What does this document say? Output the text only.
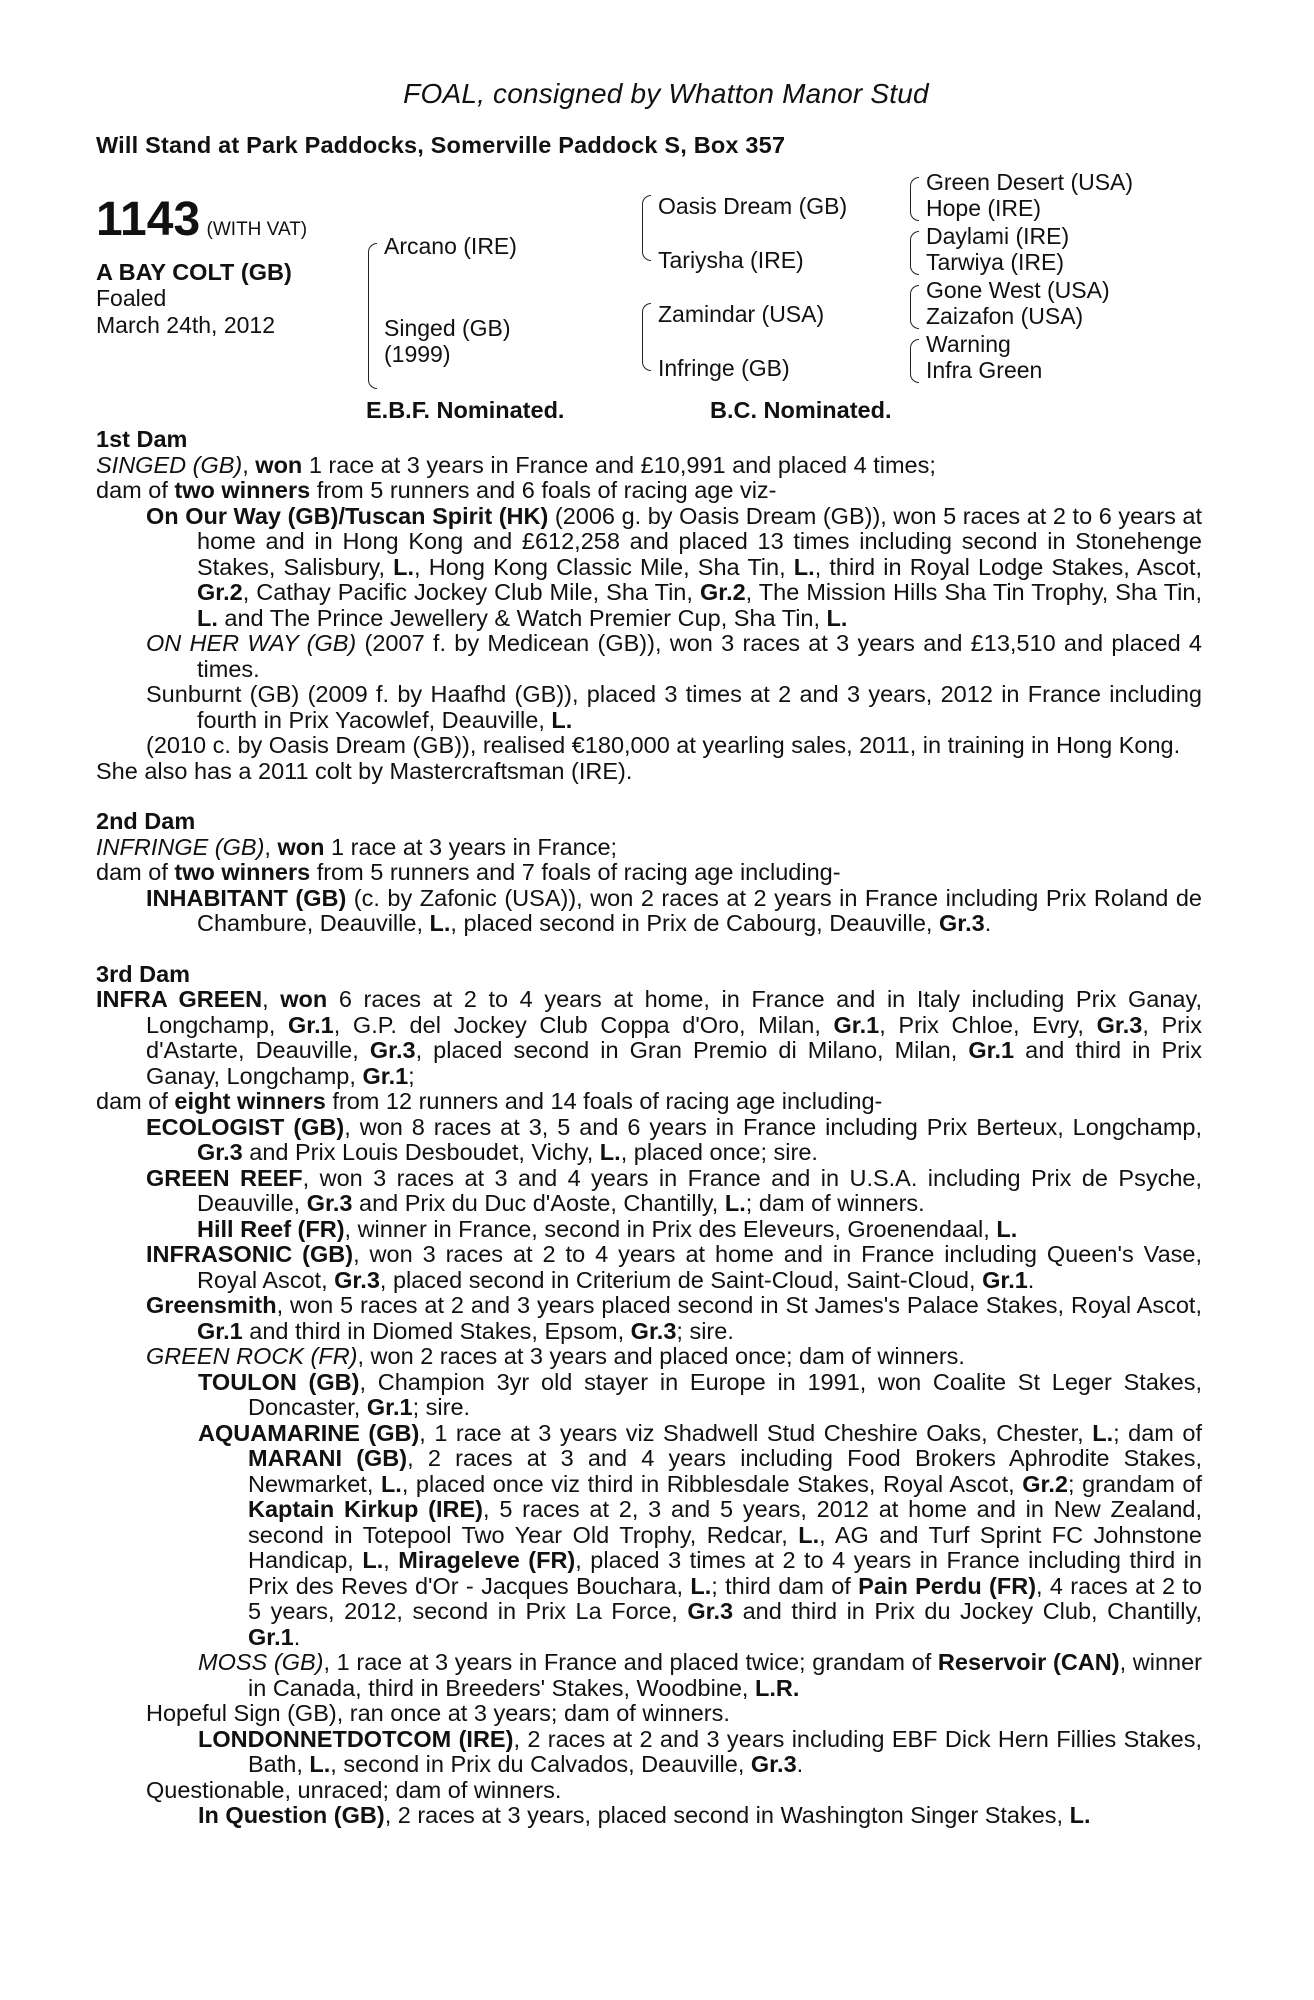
FOAL, consigned by Whatton Manor Stud
Will Stand at Park Paddocks, Somerville Paddock S, Box 357
1143 (WITH VAT)
A BAY COLT (GB)
Foaled
March 24th, 2012
Arcano (IRE)
Singed (GB)
(1999)
Oasis Dream (GB)
Tariysha (IRE)
Zamindar (USA)
Infringe (GB)
Green Desert (USA)
Hope (IRE)
Daylami (IRE)
Tarwiya (IRE)
Gone West (USA)
Zaizafon (USA)
Warning
Infra Green
E.B.F. Nominated.	B.C. Nominated.

1st Dam

SINGED (GB), won 1 race at 3 years in France and £10,991 and placed 4 times;

dam of two winners from 5 runners and 6 foals of racing age viz-

On Our Way (GB)/Tuscan Spirit (HK) (2006 g. by Oasis Dream (GB)), won 5 races at 2 to 6 years at home and in Hong Kong and £612,258 and placed 13 times including second in Stonehenge Stakes, Salisbury, L., Hong Kong Classic Mile, Sha Tin, L., third in Royal Lodge Stakes, Ascot, Gr.2, Cathay Pacific Jockey Club Mile, Sha Tin, Gr.2, The Mission Hills Sha Tin Trophy, Sha Tin, L. and The Prince Jewellery & Watch Premier Cup, Sha Tin, L.

ON HER WAY (GB) (2007 f. by Medicean (GB)), won 3 races at 3 years and £13,510 and placed 4 times.

Sunburnt (GB) (2009 f. by Haafhd (GB)), placed 3 times at 2 and 3 years, 2012 in France including fourth in Prix Yacowlef, Deauville, L.

(2010 c. by Oasis Dream (GB)), realised €180,000 at yearling sales, 2011, in training in Hong Kong.

She also has a 2011 colt by Mastercraftsman (IRE).

2nd Dam

INFRINGE (GB), won 1 race at 3 years in France;

dam of two winners from 5 runners and 7 foals of racing age including-

INHABITANT (GB) (c. by Zafonic (USA)), won 2 races at 2 years in France including Prix Roland de Chambure, Deauville, L., placed second in Prix de Cabourg, Deauville, Gr.3.

3rd Dam

INFRA GREEN, won 6 races at 2 to 4 years at home, in France and in Italy including Prix Ganay, Longchamp, Gr.1, G.P. del Jockey Club Coppa d'Oro, Milan, Gr.1, Prix Chloe, Evry, Gr.3, Prix d'Astarte, Deauville, Gr.3, placed second in Gran Premio di Milano, Milan, Gr.1 and third in Prix Ganay, Longchamp, Gr.1;

dam of eight winners from 12 runners and 14 foals of racing age including-

ECOLOGIST (GB), won 8 races at 3, 5 and 6 years in France including Prix Berteux, Longchamp, Gr.3 and Prix Louis Desboudet, Vichy, L., placed once; sire.

GREEN REEF, won 3 races at 3 and 4 years in France and in U.S.A. including Prix de Psyche, Deauville, Gr.3 and Prix du Duc d'Aoste, Chantilly, L.; dam of winners.

Hill Reef (FR), winner in France, second in Prix des Eleveurs, Groenendaal, L.

INFRASONIC (GB), won 3 races at 2 to 4 years at home and in France including Queen's Vase, Royal Ascot, Gr.3, placed second in Criterium de Saint-Cloud, Saint-Cloud, Gr.1.

Greensmith, won 5 races at 2 and 3 years placed second in St James's Palace Stakes, Royal Ascot, Gr.1 and third in Diomed Stakes, Epsom, Gr.3; sire.

GREEN ROCK (FR), won 2 races at 3 years and placed once; dam of winners.

TOULON (GB), Champion 3yr old stayer in Europe in 1991, won Coalite St Leger Stakes, Doncaster, Gr.1; sire.

AQUAMARINE (GB), 1 race at 3 years viz Shadwell Stud Cheshire Oaks, Chester, L.; dam of MARANI (GB), 2 races at 3 and 4 years including Food Brokers Aphrodite Stakes, Newmarket, L., placed once viz third in Ribblesdale Stakes, Royal Ascot, Gr.2; grandam of Kaptain Kirkup (IRE), 5 races at 2, 3 and 5 years, 2012 at home and in New Zealand, second in Totepool Two Year Old Trophy, Redcar, L., AG and Turf Sprint FC Johnstone Handicap, L., Mirageleve (FR), placed 3 times at 2 to 4 years in France including third in Prix des Reves d'Or - Jacques Bouchara, L.; third dam of Pain Perdu (FR), 4 races at 2 to 5 years, 2012, second in Prix La Force, Gr.3 and third in Prix du Jockey Club, Chantilly, Gr.1.

MOSS (GB), 1 race at 3 years in France and placed twice; grandam of Reservoir (CAN), winner in Canada, third in Breeders' Stakes, Woodbine, L.R.

Hopeful Sign (GB), ran once at 3 years; dam of winners.

LONDONNETDOTCOM (IRE), 2 races at 2 and 3 years including EBF Dick Hern Fillies Stakes, Bath, L., second in Prix du Calvados, Deauville, Gr.3.

Questionable, unraced; dam of winners.

In Question (GB), 2 races at 3 years, placed second in Washington Singer Stakes, L.
